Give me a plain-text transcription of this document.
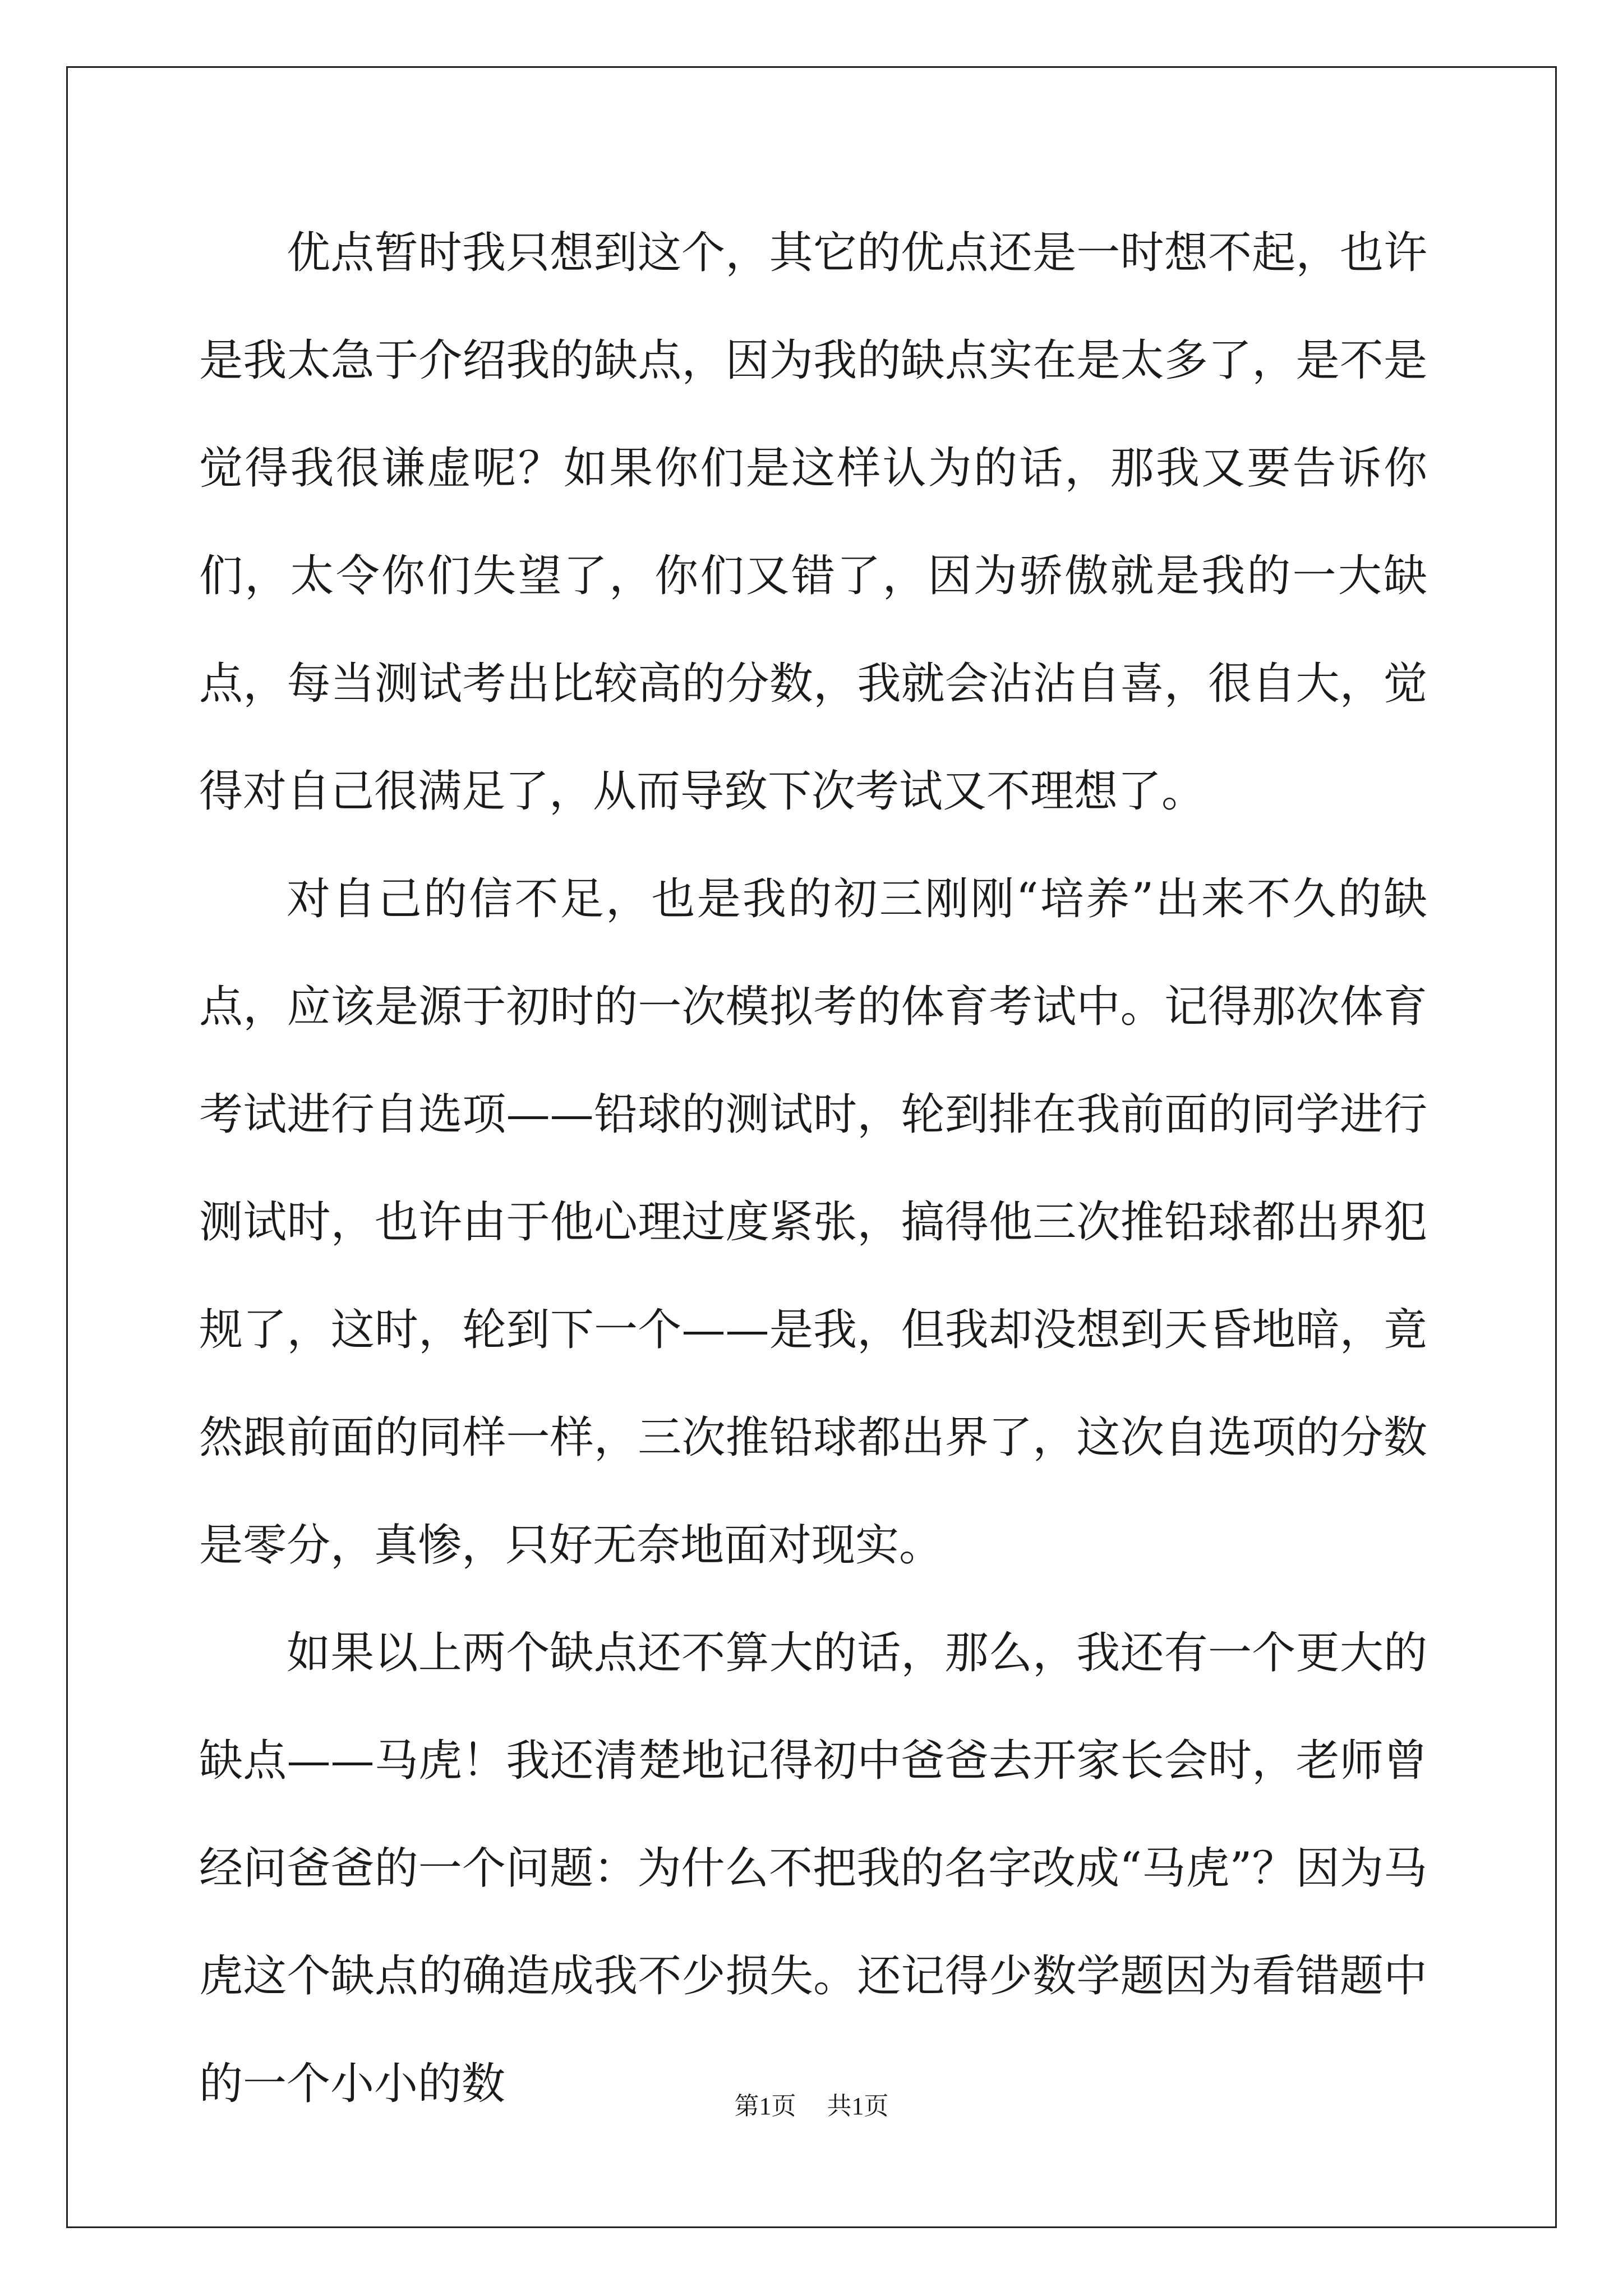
优点暂时我只想到这个，其它的优点还是一时想不起，也许是我太急于介绍我的缺点，因为我的缺点实在是太多了，是不是觉得我很谦虚呢？如果你们是这样认为的话，那我又要告诉你们，太令你们失望了，你们又错了，因为骄傲就是我的一大缺点，每当测试考出比较高的分数，我就会沾沾自喜，很自大，觉得对自己很满足了，从而导致下次考试又不理想了。

对自己的信不足，也是我的初三刚刚“培养”出来不久的缺点，应该是源于初时的一次模拟考的体育考试中。记得那次体育考试进行自选项——铅球的测试时，轮到排在我前面的同学进行测试时，也许由于他心理过度紧张，搞得他三次推铅球都出界犯规了，这时，轮到下一个——是我，但我却没想到天昏地暗，竟然跟前面的同样一样，三次推铅球都出界了，这次自选项的分数是零分，真惨，只好无奈地面对现实。

如果以上两个缺点还不算大的话，那么，我还有一个更大的缺点——马虎！我还清楚地记得初中爸爸去开家长会时，老师曾经问爸爸的一个问题：为什么不把我的名字改成“马虎”？因为马虎这个缺点的确造成我不少损失。还记得少数学题因为看错题中的一个小小的数	第1页 共1页
